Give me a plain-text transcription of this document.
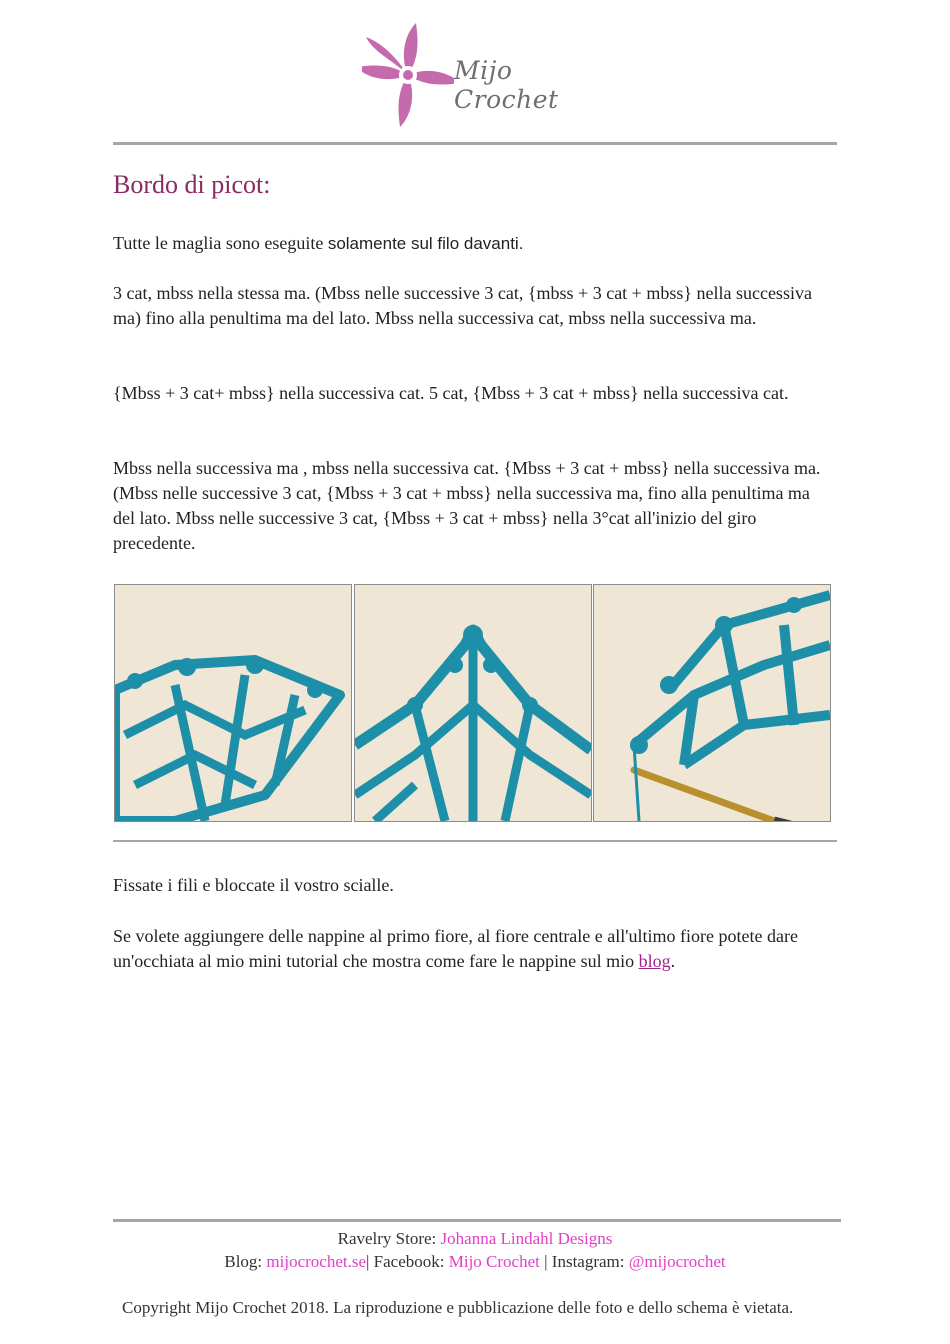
Mijo Crochet
Bordo di picot:

Tutte le maglia sono eseguite solamente sul filo davanti.

3 cat, mbss nella stessa ma. (Mbss nelle successive 3 cat, {mbss + 3 cat + mbss} nella successiva ma) fino alla penultima ma del lato. Mbss nella successiva cat, mbss nella successiva ma.

{Mbss + 3 cat+ mbss} nella successiva cat. 5 cat, {Mbss + 3 cat + mbss} nella successiva cat.

Mbss nella successiva ma , mbss nella successiva cat. {Mbss + 3 cat + mbss} nella successiva ma. (Mbss nelle successive 3 cat, {Mbss + 3 cat + mbss} nella successiva ma, fino alla penultima ma del lato. Mbss nelle successive 3 cat, {Mbss + 3 cat + mbss} nella 3°cat all'inizio del giro precedente.

Fissate i fili e bloccate il vostro scialle.

Se volete aggiungere delle nappine al primo fiore, al fiore centrale e all'ultimo fiore potete dare un'occhiata al mio mini tutorial che mostra come fare le nappine sul mio blog.

Ravelry Store: Johanna Lindahl Designs
Blog: mijocrochet.se| Facebook: Mijo Crochet | Instagram: @mijocrochet
Copyright Mijo Crochet 2018. La riproduzione e pubblicazione delle foto e dello schema è vietata.
